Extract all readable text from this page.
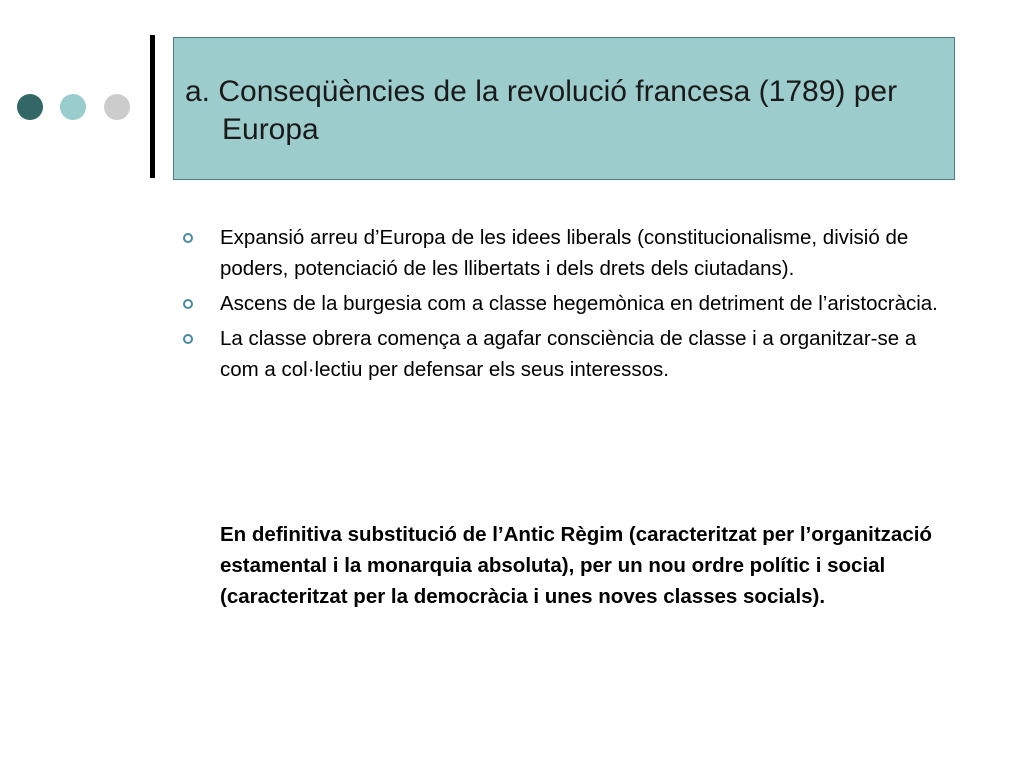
a. Conseqüències de la revolució francesa (1789) per Europa
Expansió arreu d’Europa de les idees liberals (constitucionalisme, divisió de poders, potenciació de les llibertats i dels drets dels ciutadans).
Ascens de la burgesia com a classe hegemònica en detriment de l’aristocràcia.
La classe obrera comença a agafar consciència de classe i a organitzar-se a com a col·lectiu per defensar els seus interessos.

En definitiva substitució de l’Antic Règim (caracteritzat per l’organització estamental i la monarquia absoluta), per un nou ordre polític i social (caracteritzat per la democràcia i unes noves classes socials).
